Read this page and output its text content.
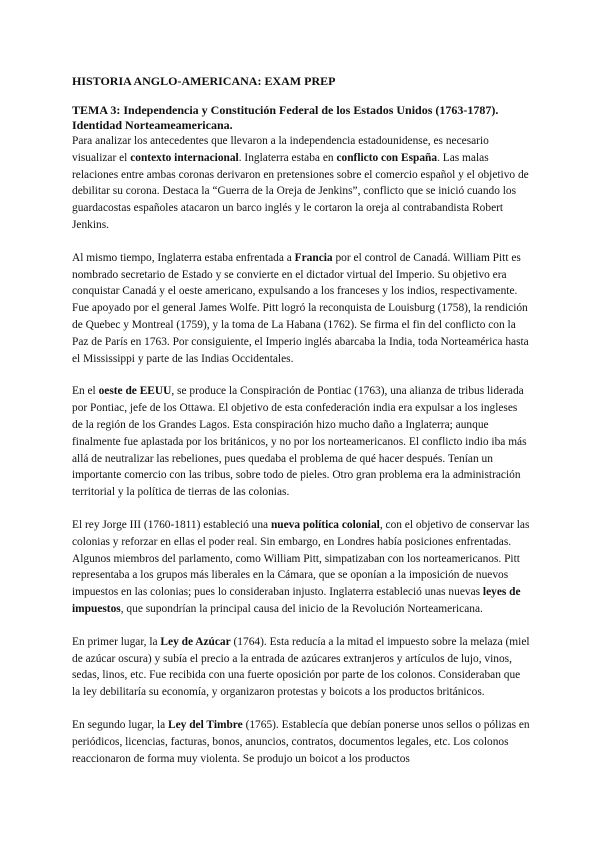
HISTORIA ANGLO-AMERICANA: EXAM PREP
TEMA 3: Independencia y Constitución Federal de los Estados Unidos (1763-1787). Identidad Norteameamericana.

Para analizar los antecedentes que llevaron a la independencia estadounidense, es necesario visualizar el contexto internacional. Inglaterra estaba en conflicto con España. Las malas relaciones entre ambas coronas derivaron en pretensiones sobre el comercio español y el objetivo de debilitar su corona. Destaca la “Guerra de la Oreja de Jenkins”, conflicto que se inició cuando los guardacostas españoles atacaron un barco inglés y le cortaron la oreja al contrabandista Robert Jenkins.

Al mismo tiempo, Inglaterra estaba enfrentada a Francia por el control de Canadá. William Pitt es nombrado secretario de Estado y se convierte en el dictador virtual del Imperio. Su objetivo era conquistar Canadá y el oeste americano, expulsando a los franceses y los indios, respectivamente. Fue apoyado por el general James Wolfe. Pitt logró la reconquista de Louisburg (1758), la rendición de Quebec y Montreal (1759), y la toma de La Habana (1762). Se firma el fin del conflicto con la Paz de París en 1763. Por consiguiente, el Imperio inglés abarcaba la India, toda Norteamérica hasta el Mississippi y parte de las Indias Occidentales.

En el oeste de EEUU, se produce la Conspiración de Pontiac (1763), una alianza de tribus liderada por Pontiac, jefe de los Ottawa. El objetivo de esta confederación india era expulsar a los ingleses de la región de los Grandes Lagos. Esta conspiración hizo mucho daño a Inglaterra; aunque finalmente fue aplastada por los británicos, y no por los norteamericanos. El conflicto indio iba más allá de neutralizar las rebeliones, pues quedaba el problema de qué hacer después. Tenían un importante comercio con las tribus, sobre todo de pieles. Otro gran problema era la administración territorial y la política de tierras de las colonias.

El rey Jorge III (1760-1811) estableció una nueva política colonial, con el objetivo de conservar las colonias y reforzar en ellas el poder real. Sin embargo, en Londres había posiciones enfrentadas. Algunos miembros del parlamento, como William Pitt, simpatizaban con los norteamericanos. Pitt representaba a los grupos más liberales en la Cámara, que se oponían a la imposición de nuevos impuestos en las colonias; pues lo consideraban injusto. Inglaterra estableció unas nuevas leyes de impuestos, que supondrían la principal causa del inicio de la Revolución Norteamericana.

En primer lugar, la Ley de Azúcar (1764). Esta reducía a la mitad el impuesto sobre la melaza (miel de azúcar oscura) y subía el precio a la entrada de azúcares extranjeros y artículos de lujo, vinos, sedas, linos, etc. Fue recibida con una fuerte oposición por parte de los colonos. Consideraban que la ley debilitaría su economía, y organizaron protestas y boicots a los productos británicos.

En segundo lugar, la Ley del Timbre (1765). Establecía que debían ponerse unos sellos o pólizas en periódicos, licencias, facturas, bonos, anuncios, contratos, documentos legales, etc. Los colonos reaccionaron de forma muy violenta. Se produjo un boicot a los productos
